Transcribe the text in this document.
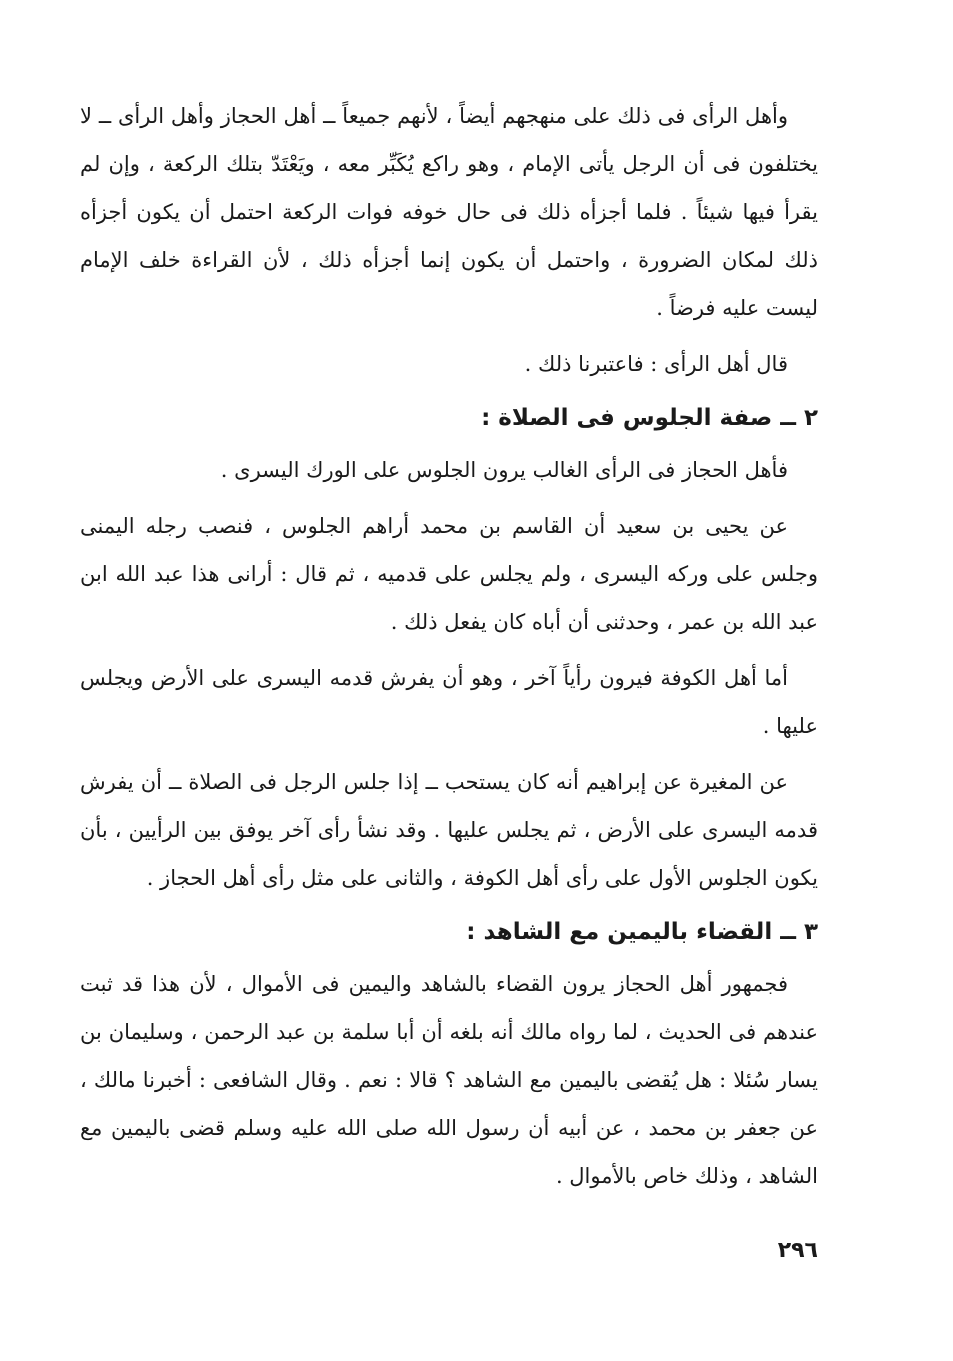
وأهل الرأى فى ذلك على منهجهم أيضاً ، لأنهم جميعاً ــ أهل الحجاز وأهل الرأى ــ لا يختلفون فى أن الرجل يأتى الإمام ، وهو راكع يُكَبِّر معه ، ويَعْتَدّ بتلك الركعة ، وإن لم يقرأ فيها شيئاً . فلما أجزأه ذلك فى حال خوفه فوات الركعة احتمل أن يكون أجزأه ذلك لمكان الضرورة ، واحتمل أن يكون إنما أجزأه ذلك ، لأن القراءة خلف الإمام ليست عليه فرضاً .

قال أهل الرأى : فاعتبرنا ذلك .

٢ ــ صفة الجلوس فى الصلاة :

فأهل الحجاز فى الرأى الغالب يرون الجلوس على الورك اليسرى .

عن يحيى بن سعيد أن القاسم بن محمد أراهم الجلوس ، فنصب رجله اليمنى وجلس على وركه اليسرى ، ولم يجلس على قدميه ، ثم قال : أرانى هذا عبد الله ابن عبد الله بن عمر ، وحدثنى أن أباه كان يفعل ذلك .

أما أهل الكوفة فيرون رأياً آخر ، وهو أن يفرش قدمه اليسرى على الأرض ويجلس عليها .

عن المغيرة عن إبراهيم أنه كان يستحب ــ إذا جلس الرجل فى الصلاة ــ أن يفرش قدمه اليسرى على الأرض ، ثم يجلس عليها . وقد نشأ رأى آخر يوفق بين الرأيين ، بأن يكون الجلوس الأول على رأى أهل الكوفة ، والثانى على مثل رأى أهل الحجاز .

٣ ــ القضاء باليمين مع الشاهد :

فجمهور أهل الحجاز يرون القضاء بالشاهد واليمين فى الأموال ، لأن هذا قد ثبت عندهم فى الحديث ، لما رواه مالك أنه بلغه أن أبا سلمة بن عبد الرحمن ، وسليمان بن يسار سُئلا : هل يُقضى باليمين مع الشاهد ؟ قالا : نعم . وقال الشافعى : أخبرنا مالك ، عن جعفر بن محمد ، عن أبيه أن رسول الله صلى الله عليه وسلم قضى باليمين مع الشاهد ، وذلك خاص بالأموال .

٢٩٦
